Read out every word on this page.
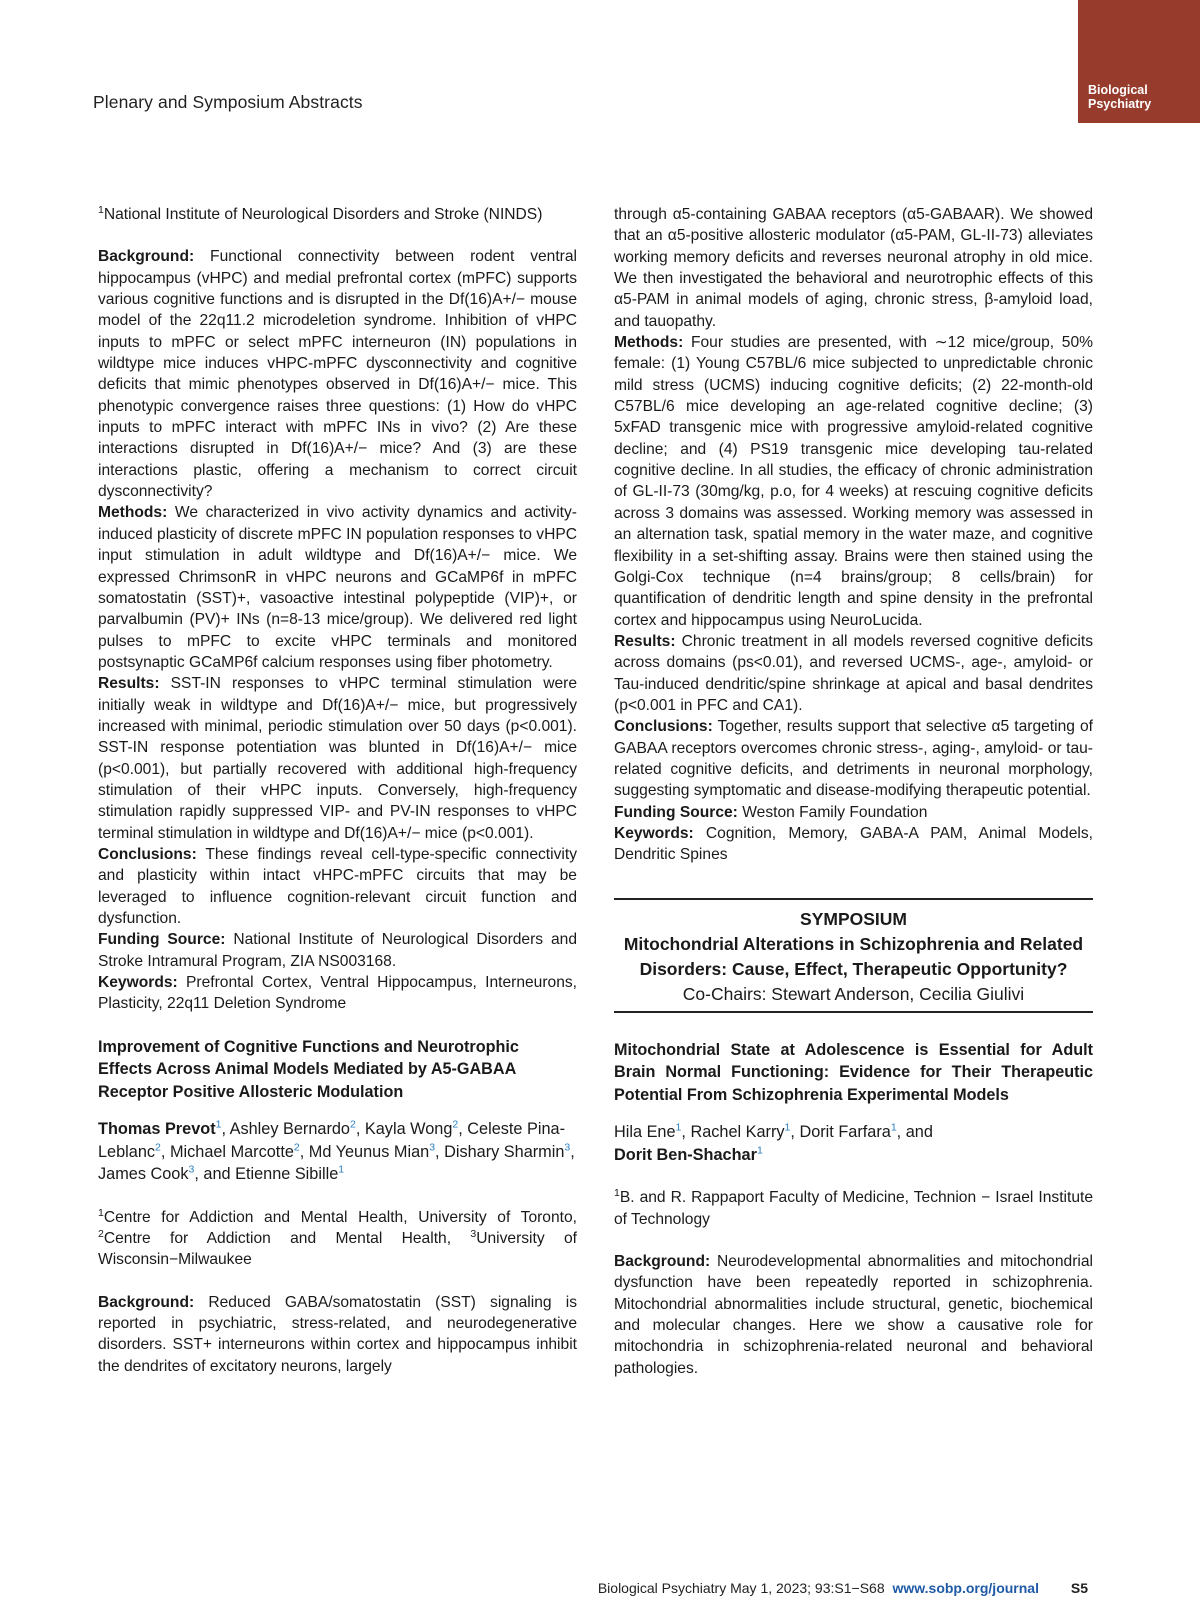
Plenary and Symposium Abstracts
Biological
Psychiatry

$^1$National Institute of Neurological Disorders and Stroke (NINDS)

Background: Functional connectivity between rodent ventral hippocampus (vHPC) and medial prefrontal cortex (mPFC) supports various cognitive functions and is disrupted in the Df(16)A+/− mouse model of the 22q11.2 microdeletion syndrome. Inhibition of vHPC inputs to mPFC or select mPFC interneuron (IN) populations in wildtype mice induces vHPC-mPFC dysconnectivity and cognitive deficits that mimic phenotypes observed in Df(16)A+/− mice. This phenotypic convergence raises three questions: (1) How do vHPC inputs to mPFC interact with mPFC INs in vivo? (2) Are these interactions disrupted in Df(16)A+/− mice? And (3) are these interactions plastic, offering a mechanism to correct circuit dysconnectivity?

Methods: We characterized in vivo activity dynamics and activity-induced plasticity of discrete mPFC IN population responses to vHPC input stimulation in adult wildtype and Df(16)A+/− mice. We expressed ChrimsonR in vHPC neurons and GCaMP6f in mPFC somatostatin (SST)+, vasoactive intestinal polypeptide (VIP)+, or parvalbumin (PV)+ INs (n=8-13 mice/group). We delivered red light pulses to mPFC to excite vHPC terminals and monitored postsynaptic GCaMP6f calcium responses using fiber photometry.

Results: SST-IN responses to vHPC terminal stimulation were initially weak in wildtype and Df(16)A+/− mice, but progressively increased with minimal, periodic stimulation over 50 days (p<0.001). SST-IN response potentiation was blunted in Df(16)A+/− mice (p<0.001), but partially recovered with additional high-frequency stimulation of their vHPC inputs. Conversely, high-frequency stimulation rapidly suppressed VIP- and PV-IN responses to vHPC terminal stimulation in wildtype and Df(16)A+/− mice (p<0.001).

Conclusions: These findings reveal cell-type-specific connectivity and plasticity within intact vHPC-mPFC circuits that may be leveraged to influence cognition-relevant circuit function and dysfunction.

Funding Source: National Institute of Neurological Disorders and Stroke Intramural Program, ZIA NS003168.

Keywords: Prefrontal Cortex, Ventral Hippocampus, Interneurons, Plasticity, 22q11 Deletion Syndrome

Improvement of Cognitive Functions and Neurotrophic Effects Across Animal Models Mediated by A5-GABAA Receptor Positive Allosteric Modulation

Thomas Prevot$^1$, Ashley Bernardo$^2$, Kayla Wong$^2$, Celeste Pina-Leblanc$^2$, Michael Marcotte$^2$, Md Yeunus Mian$^3$, Dishary Sharmin$^3$, James Cook$^3$, and Etienne Sibille$^1$

$^1$Centre for Addiction and Mental Health, University of Toronto, $^2$Centre for Addiction and Mental Health, $^3$University of Wisconsin−Milwaukee

Background: Reduced GABA/somatostatin (SST) signaling is reported in psychiatric, stress-related, and neurodegenerative disorders. SST+ interneurons within cortex and hippocampus inhibit the dendrites of excitatory neurons, largely

through α5-containing GABAA receptors (α5-GABAAR). We showed that an α5-positive allosteric modulator (α5-PAM, GL-II-73) alleviates working memory deficits and reverses neuronal atrophy in old mice. We then investigated the behavioral and neurotrophic effects of this α5-PAM in animal models of aging, chronic stress, β-amyloid load, and tauopathy.

Methods: Four studies are presented, with ∼12 mice/group, 50% female: (1) Young C57BL/6 mice subjected to unpredictable chronic mild stress (UCMS) inducing cognitive deficits; (2) 22-month-old C57BL/6 mice developing an age-related cognitive decline; (3) 5xFAD transgenic mice with progressive amyloid-related cognitive decline; and (4) PS19 transgenic mice developing tau-related cognitive decline. In all studies, the efficacy of chronic administration of GL-II-73 (30mg/kg, p.o, for 4 weeks) at rescuing cognitive deficits across 3 domains was assessed. Working memory was assessed in an alternation task, spatial memory in the water maze, and cognitive flexibility in a set-shifting assay. Brains were then stained using the Golgi-Cox technique (n=4 brains/group; 8 cells/brain) for quantification of dendritic length and spine density in the prefrontal cortex and hippocampus using NeuroLucida.

Results: Chronic treatment in all models reversed cognitive deficits across domains (ps<0.01), and reversed UCMS-, age-, amyloid- or Tau-induced dendritic/spine shrinkage at apical and basal dendrites (p<0.001 in PFC and CA1).

Conclusions: Together, results support that selective α5 targeting of GABAA receptors overcomes chronic stress-, aging-, amyloid- or tau-related cognitive deficits, and detriments in neuronal morphology, suggesting symptomatic and disease-modifying therapeutic potential.

Funding Source: Weston Family Foundation

Keywords: Cognition, Memory, GABA-A PAM, Animal Models, Dendritic Spines

SYMPOSIUM
Mitochondrial Alterations in Schizophrenia and Related Disorders: Cause, Effect, Therapeutic Opportunity?
Co-Chairs: Stewart Anderson, Cecilia Giulivi

Mitochondrial State at Adolescence is Essential for Adult Brain Normal Functioning: Evidence for Their Therapeutic Potential From Schizophrenia Experimental Models

Hila Ene$^1$, Rachel Karry$^1$, Dorit Farfara$^1$, and
Dorit Ben-Shachar$^1$

$^1$B. and R. Rappaport Faculty of Medicine, Technion − Israel Institute of Technology

Background: Neurodevelopmental abnormalities and mitochondrial dysfunction have been repeatedly reported in schizophrenia. Mitochondrial abnormalities include structural, genetic, biochemical and molecular changes. Here we show a causative role for mitochondria in schizophrenia-related neuronal and behavioral pathologies.

Biological Psychiatry May 1, 2023; 93:S1−S68 www.sobp.org/journal S5
